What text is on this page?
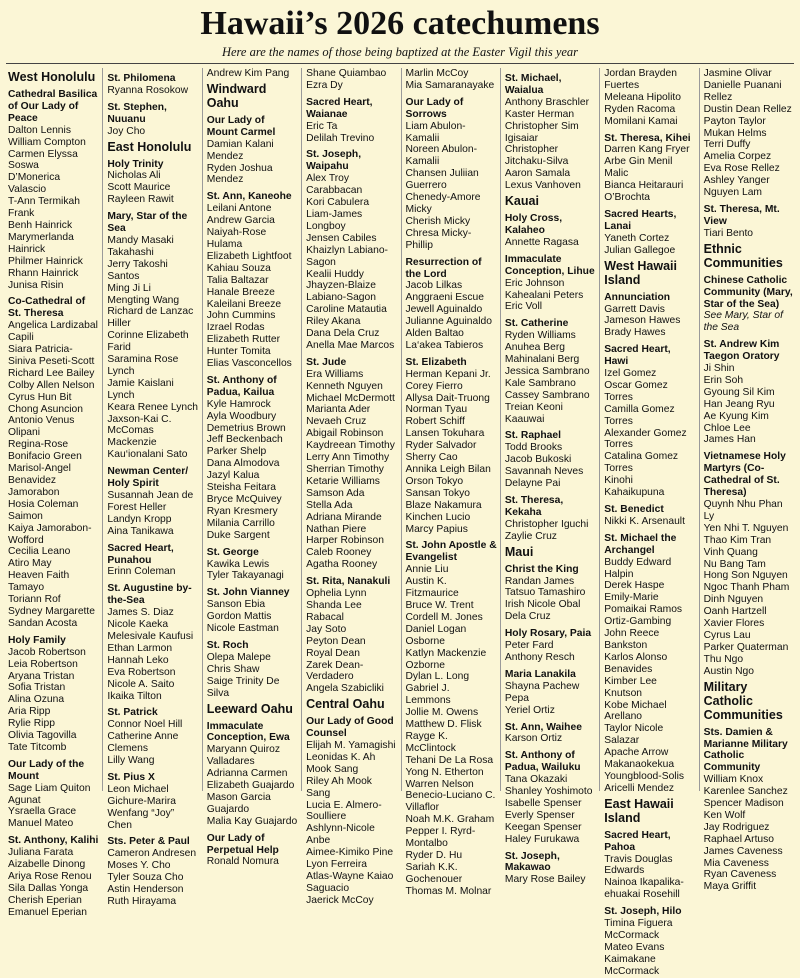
Hawaii’s 2026 catechumens

Here are the names of those being baptized at the Easter Vigil this year

West Honolulu
Cathedral Basilica of Our Lady of Peace
Dalton Lennis William Compton
Carmen Elyssa Soswa
D’Monerica Valascio
T-Ann Termikah Frank
Benh Hainrick
Marymerlanda Hainrick
Philmer Hainrick
Rhann Hainrick
Junisa Risin
Co-Cathedral of St. Theresa
Angelica Lardizabal Capili
Siara Patricia-Siniva Peseti-Scott
Richard Lee Bailey
Colby Allen Nelson
Cyrus Hun Bit Chong Asuncion
Antonio Venus Olipani
Regina-Rose Bonifacio Green
Marisol-Angel Benavidez Jamorabon
Hosia Coleman Saimon
Kaiya Jamorabon-Wofford
Cecilia Leano
Atiro May
Heaven Faith Tamayo
Toriann Rof
Sydney Margarette Sandan Acosta
Holy Family
Jacob Robertson
Leia Robertson
Aryana Tristan
Sofia Tristan
Alina Ozuna
Aria Ripp
Rylie Ripp
Olivia Tagovilla
Tate Titcomb
Our Lady of the Mount
Sage Liam Quiton Agunat
Ysraella Grace Manuel Mateo
St. Anthony, Kalihi
Juliana Farata
Aizabelle Dinong
Ariya Rose Renou
Sila Dallas Yonga
Cherish Eperian
Emanuel Eperian
St. Philomena
Ryanna Rosokow
St. Stephen, Nuuanu
Joy Cho
East Honolulu
Holy Trinity
Nicholas Ali
Scott Maurice
Rayleen Rawit
Mary, Star of the Sea
Mandy Masaki Takahashi
Jerry Takoshi Santos
Ming Ji Li
Mengting Wang
Richard de Lanzac Hiller
Corinne Elizabeth Farid
Saramina Rose Lynch
Jamie Kaislani Lynch
Keara Renee Lynch
Jaxson-Kai C. McComas
Mackenzie Kau‘ionalani Sato
Newman Center/ Holy Spirit
Susannah Jean de Forest Heller
Landyn Kropp
Aina Tanikawa
Sacred Heart, Punahou
Erinn Coleman
St. Augustine by-the-Sea
James S. Diaz
Nicole Kaeka
Melesivale Kaufusi
Ethan Larmon
Hannah Leko
Eva Robertson
Nicole A. Saito
Ikaika Tilton
St. Patrick
Connor Noel Hill
Catherine Anne Clemens
Lilly Wang
St. Pius X
Leon Michael Gichure-Marira
Wenfang “Joy” Chen
Sts. Peter & Paul
Cameron Andresen
Moses Y. Cho
Tyler Souza Cho
Astin Henderson
Ruth Hirayama
Andrew Kim Pang
Windward Oahu
Our Lady of Mount Carmel
Damian Kalani Mendez
Ryden Joshua Mendez
St. Ann, Kaneohe
Leilani Antone
Andrew Garcia
Naiyah-Rose Hulama
Elizabeth Lightfoot
Kahiau Souza
Talia Baltazar
Hanale Breeze
Kaleilani Breeze
John Cummins
Izrael Rodas
Elizabeth Rutter
Hunter Tomita
Elias Vasconcellos
St. Anthony of Padua, Kailua
Kyle Hamrock
Ayla Woodbury
Demetrius Brown
Jeff Beckenbach
Parker Shelp
Dana Almodova
Jazyl Kalua
Steisha Feitara
Bryce McQuivey
Ryan Kresmery
Milania Carrillo
Duke Sargent
St. George
Kawika Lewis
Tyler Takayanagi
St. John Vianney
Sanson Ebia
Gordon Mattis
Nicole Eastman
St. Roch
Olepa Malepe
Chris Shaw
Saige Trinity De Silva
Leeward Oahu
Immaculate Conception, Ewa
Maryann Quiroz Valladares
Adrianna Carmen Elizabeth Guajardo
Mason Garcia Guajardo
Malia Kay Guajardo
Our Lady of Perpetual Help
Ronald Nomura
Shane Quiambao
Ezra Dy
Sacred Heart, Waianae
Eric Ta
Delilah Trevino
St. Joseph, Waipahu
Alex Troy Carabbacan
Kori Cabulera
Liam-James Longboy
Jensen Cabiles
Khaizlyn Labiano-Sagon
Kealii Huddy
Jhayzen-Blaize Labiano-Sagon
Caroline Matautia
Riley Akana
Dana Dela Cruz
Anella Mae Marcos
St. Jude
Era Williams
Kenneth Nguyen
Michael McDermott
Marianta Ader
Nevaeh Cruz
Abigail Robinson
Kaydreean Timothy
Lerry Ann Timothy
Sherrian Timothy
Ketarie Williams
Samson Ada
Stella Ada
Adriana Mirande
Nathan Piere
Harper Robinson
Caleb Rooney
Agatha Rooney
St. Rita, Nanakuli
Ophelia Lynn
Shanda Lee Rabacal
Jay Soto
Peyton Dean
Royal Dean
Zarek Dean-Verdadero
Angela Szabicliki
Central Oahu
Our Lady of Good Counsel
Elijah M. Yamagishi
Leonidas K. Ah Mook Sang
Riley Ah Mook Sang
Lucia E. Almero-Soulliere
Ashlynn-Nicole Anbe
Aimee-Kimiko Pine
Lyon Ferreira
Atlas-Wayne Kaiao Saguacio
Jaerick McCoy
Marlin McCoy
Mia Samaranayake
Our Lady of Sorrows
Liam Abulon-Kamalii
Noreen Abulon-Kamalii
Chansen Juliian Guerrero
Chenedy-Amore Micky
Cherish Micky
Chresa Micky-Phillip
Resurrection of the Lord
Jacob Lilkas
Anggraeni Escue
Jewell Aguinaldo
Julianne Aguinaldo
Alden Baltao
La‘akea Tabieros
St. Elizabeth
Herman Kepani Jr.
Corey Fierro
Allysa Dait-Truong
Norman Tyau
Robert Schiff
Lansen Tokuhara
Ryder Salvador
Sherry Cao
Annika Leigh Bilan
Orson Tokyo
Sansan Tokyo
Blaze Nakamura
Kinchen Lucio
Marcy Papius
St. John Apostle & Evangelist
Annie Liu
Austin K. Fitzmaurice
Bruce W. Trent
Cordell M. Jones
Daniel Logan Osborne
Katlyn Mackenzie Ozborne
Dylan L. Long
Gabriel J. Lemmons
Jollie M. Owens
Matthew D. Flisk
Rayge K. McClintock
Tehani De La Rosa
Yong N. Etherton
Warren Nelson
Benecio-Luciano C. Villaflor
Noah M.K. Graham
Pepper I. Ryrd-Montalbo
Ryder D. Hu
Sariah K.K. Gochenouer
Thomas M. Molnar
St. Michael, Waialua
Anthony Braschler
Kaster Herman
Christopher Sim Igisaiar
Christopher Jitchaku-Silva
Aaron Samala
Lexus Vanhoven
Kauai
Holy Cross, Kalaheo
Annette Ragasa
Immaculate Conception, Lihue
Eric Johnson
Kahealani Peters
Eric Voll
St. Catherine
Ryden Williams
Anuhea Berg
Mahinalani Berg
Jessica Sambrano
Kale Sambrano
Cassey Sambrano
Treian Keoni Kaauwai
St. Raphael
Todd Brooks
Jacob Bukoski
Savannah Neves
Delayne Pai
St. Theresa, Kekaha
Christopher Iguchi
Zaylie Cruz
Maui
Christ the King
Randan James Tatsuo Tamashiro
Irish Nicole Obal Dela Cruz
Holy Rosary, Paia
Peter Fard
Anthony Resch
Maria Lanakila
Shayna Pachew Pepa
Yeriel Ortiz
St. Ann, Waihee
Karson Ortiz
St. Anthony of Padua, Wailuku
Tana Okazaki
Shanley Yoshimoto
Isabelle Spenser
Everly Spenser
Keegan Spenser
Haley Furukawa
St. Joseph, Makawao
Mary Rose Bailey
Jordan Brayden Fuertes
Meleana Hipolito
Ryden Racoma
Momilani Kamai
St. Theresa, Kihei
Darren Kang Fryer
Arbe Gin Menil Malic
Bianca Heitarauri O’Brochta
Sacred Hearts, Lanai
Yaneth Cortez
Julian Gallegoe
West Hawaii Island
Annunciation
Garrett Davis
Jameson Hawes
Brady Hawes
Sacred Heart, Hawi
Izel Gomez
Oscar Gomez Torres
Camilla Gomez Torres
Alexander Gomez Torres
Catalina Gomez Torres
Kinohi Kahaikupuna
St. Benedict
Nikki K. Arsenault
St. Michael the Archangel
Buddy Edward Halpin
Derek Haspe
Emily-Marie Pomaikai Ramos Ortiz-Gambing
John Reece Bankston
Karlos Alonso Benavides
Kimber Lee Knutson
Kobe Michael Arellano
Taylor Nicole Salazar
Apache Arrow Makanaokekua Youngblood-Solis
Aricelli Mendez
East Hawaii Island
Sacred Heart, Pahoa
Travis Douglas Edwards
Nainoa Ikapalika-ehuakai Rosehill
St. Joseph, Hilo
Timina Figuera McCormack
Mateo Evans
Kaimakane McCormack
Jasmine Olivar
Danielle Puanani Rellez
Dustin Dean Rellez
Payton Taylor
Mukan Helms
Terri Duffy
Amelia Corpez
Eva Rose Rellez
Ashley Yanger
Nguyen Lam
St. Theresa, Mt. View
Tiari Bento
Ethnic Communities
Chinese Catholic Community (Mary, Star of the Sea)
See Mary, Star of the Sea
St. Andrew Kim Taegon Oratory
Ji Shin
Erin Soh
Gyoung Sil Kim
Han Jeang Ryu
Ae Kyung Kim
Chloe Lee
James Han
Vietnamese Holy Martyrs (Co-Cathedral of St. Theresa)
Quynh Nhu Phan Ly
Yen Nhi T. Nguyen
Thao Kim Tran
Vinh Quang
Nu Bang Tam
Hong Son Nguyen
Ngoc Thanh Pham
Dinh Nguyen
Oanh Hartzell
Xavier Flores
Cyrus Lau
Parker Quaterman
Thu Ngo
Austin Ngo
Military Catholic Communities
Sts. Damien & Marianne Military Catholic Community
William Knox
Karenlee Sanchez
Spencer Madison
Ken Wolf
Jay Rodriguez
Raphael Artuso
James Caveness
Mia Caveness
Ryan Caveness
Maya Griffit
